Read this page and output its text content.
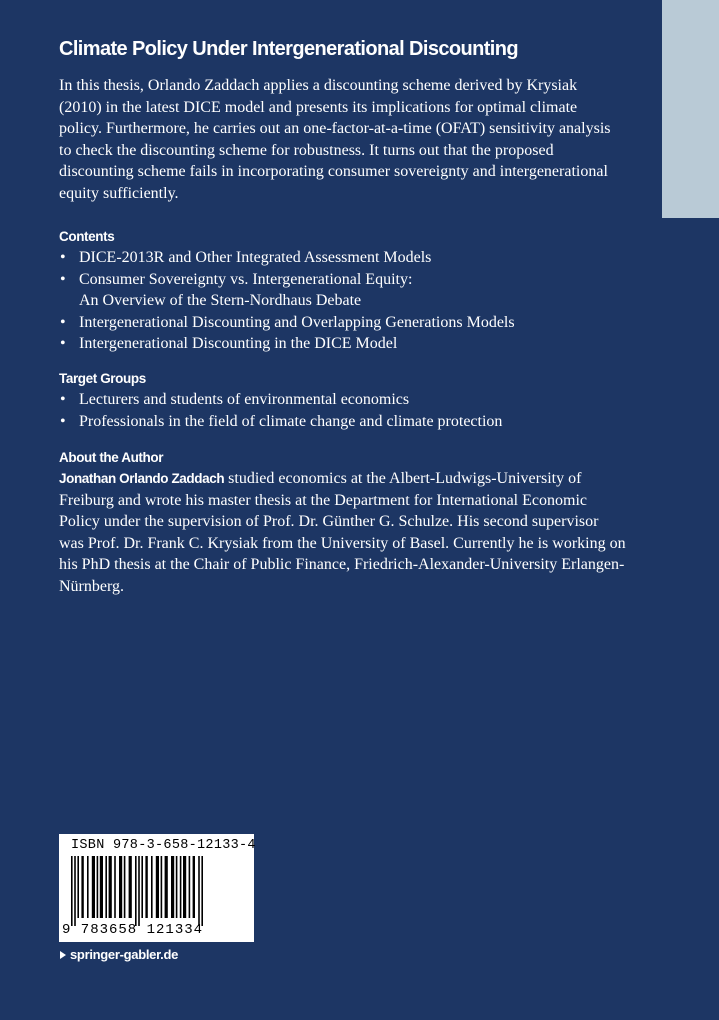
Climate Policy Under Intergenerational Discounting

In this thesis, Orlando Zaddach applies a discounting scheme derived by Krysiak (2010) in the latest DICE model and presents its implications for optimal climate policy. Furthermore, he carries out an one-factor-at-a-time (OFAT) sensitivity analysis to check the discounting scheme for robustness. It turns out that the proposed discounting scheme fails in incorporating consumer sovereignty and intergenerational equity sufficiently.

Contents
• DICE-2013R and Other Integrated Assessment Models
• Consumer Sovereignty vs. Intergenerational Equity:
An Overview of the Stern-Nordhaus Debate
• Intergenerational Discounting and Overlapping Generations Models
• Intergenerational Discounting in the DICE Model
Target Groups
• Lecturers and students of environmental economics
• Professionals in the field of climate change and climate protection
About the Author

Jonathan Orlando Zaddach studied economics at the Albert-Ludwigs-University of Freiburg and wrote his master thesis at the Department for International Economic Policy under the supervision of Prof. Dr. Günther G. Schulze. His second supervisor was Prof. Dr. Frank C. Krysiak from the University of Basel. Currently he is working on his PhD thesis at the Chair of Public Finance, Friedrich-Alexander-University Erlangen-Nürnberg.

ISBN 978-3-658-12133-4
9 783658 121334
springer-gabler.de
